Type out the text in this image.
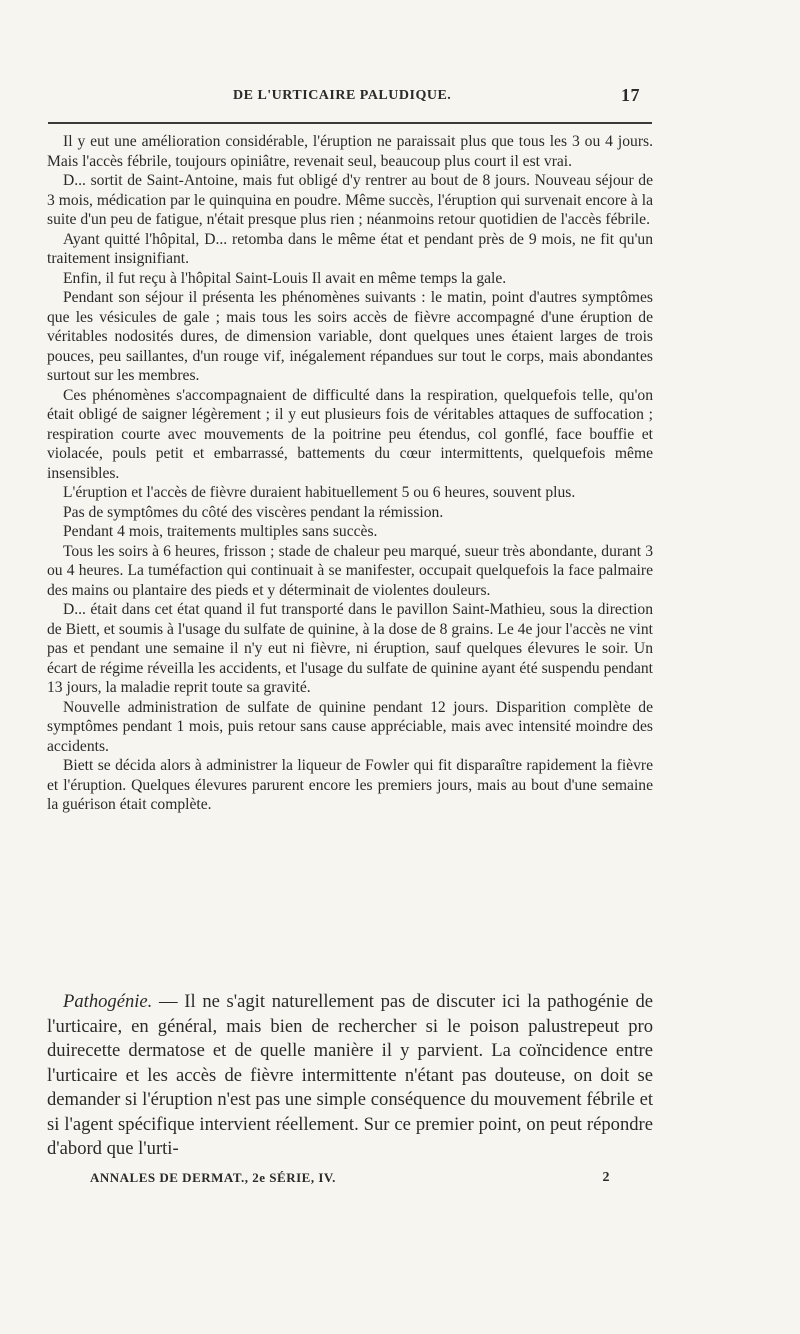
DE L'URTICAIRE PALUDIQUE.	17

Il y eut une amélioration considérable, l'éruption ne paraissait plus que tous les 3 ou 4 jours. Mais l'accès fébrile, toujours opiniâtre, revenait seul, beaucoup plus court il est vrai.

D... sortit de Saint-Antoine, mais fut obligé d'y rentrer au bout de 8 jours. Nouveau séjour de 3 mois, médication par le quinquina en poudre. Même succès, l'éruption qui survenait encore à la suite d'un peu de fatigue, n'était presque plus rien ; néanmoins retour quotidien de l'accès fébrile.

Ayant quitté l'hôpital, D... retomba dans le même état et pendant près de 9 mois, ne fit qu'un traitement insignifiant.

Enfin, il fut reçu à l'hôpital Saint-Louis Il avait en même temps la gale.

Pendant son séjour il présenta les phénomènes suivants : le matin, point d'autres symptômes que les vésicules de gale ; mais tous les soirs accès de fièvre accompagné d'une éruption de véritables nodosités dures, de dimension variable, dont quelques unes étaient larges de trois pouces, peu saillantes, d'un rouge vif, inégalement répandues sur tout le corps, mais abondantes surtout sur les membres.

Ces phénomènes s'accompagnaient de difficulté dans la respiration, quelquefois telle, qu'on était obligé de saigner légèrement ; il y eut plusieurs fois de véritables attaques de suffocation ; respiration courte avec mouvements de la poitrine peu étendus, col gonflé, face bouffie et violacée, pouls petit et embarrassé, battements du cœur intermittents, quelquefois même insensibles.

L'éruption et l'accès de fièvre duraient habituellement 5 ou 6 heures, souvent plus.

Pas de symptômes du côté des viscères pendant la rémission.

Pendant 4 mois, traitements multiples sans succès.

Tous les soirs à 6 heures, frisson ; stade de chaleur peu marqué, sueur très abondante, durant 3 ou 4 heures. La tuméfaction qui continuait à se manifester, occupait quelquefois la face palmaire des mains ou plantaire des pieds et y déterminait de violentes douleurs.

D... était dans cet état quand il fut transporté dans le pavillon Saint-Mathieu, sous la direction de Biett, et soumis à l'usage du sulfate de quinine, à la dose de 8 grains. Le 4e jour l'accès ne vint pas et pendant une semaine il n'y eut ni fièvre, ni éruption, sauf quelques élevures le soir. Un écart de régime réveilla les accidents, et l'usage du sulfate de quinine ayant été suspendu pendant 13 jours, la maladie reprit toute sa gravité.

Nouvelle administration de sulfate de quinine pendant 12 jours. Disparition complète de symptômes pendant 1 mois, puis retour sans cause appréciable, mais avec intensité moindre des accidents.

Biett se décida alors à administrer la liqueur de Fowler qui fit disparaître rapidement la fièvre et l'éruption. Quelques élevures parurent encore les premiers jours, mais au bout d'une semaine la guérison était complète.

Pathogénie. — Il ne s'agit naturellement pas de discuter ici la pathogénie de l'urticaire, en général, mais bien de rechercher si le poison palustrepeut pro duirecette dermatose et de quelle manière il y parvient. La coïncidence entre l'urticaire et les accès de fièvre intermittente n'étant pas douteuse, on doit se demander si l'éruption n'est pas une simple conséquence du mouvement fébrile et si l'agent spécifique intervient réellement. Sur ce premier point, on peut répondre d'abord que l'urti-

ANNALES DE DERMAT., 2e SÉRIE, IV.	2
